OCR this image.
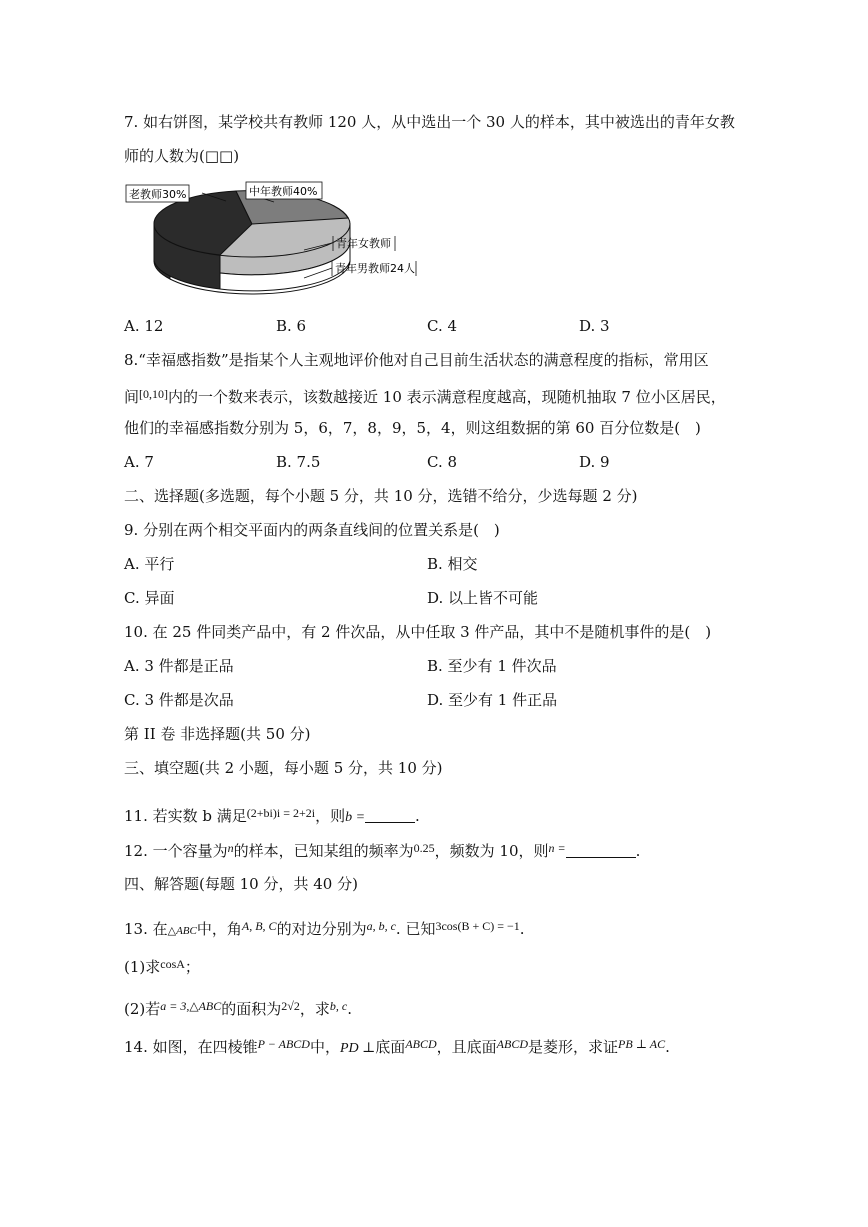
7. 如右饼图，某学校共有教师 120 人，从中选出一个 30 人的样本，其中被选出的青年女教
师的人数为(□□)
老教师30%	中年教师40%
青年女教师
青年男教师24人
A. 12	B. 6	C. 4	D. 3
8.“幸福感指数”是指某个人主观地评价他对自己目前生活状态的满意程度的指标，常用区
间[0,10]内的一个数来表示，该数越接近 10 表示满意程度越高，现随机抽取 7 位小区居民，
他们的幸福感指数分别为 5，6，7，8，9，5，4，则这组数据的第 60 百分位数是(　)
A. 7	B. 7.5	C. 8	D. 9
二、选择题(多选题，每个小题 5 分，共 10 分，选错不给分，少选每题 2 分)
9. 分别在两个相交平面内的两条直线间的位置关系是(　)
A. 平行	B. 相交
C. 异面	D. 以上皆不可能
10. 在 25 件同类产品中，有 2 件次品，从中任取 3 件产品，其中不是随机事件的是(　)
A. 3 件都是正品	B. 至少有 1 件次品
C. 3 件都是次品	D. 至少有 1 件正品
第 II 卷 非选择题(共 50 分)
三、填空题(共 2 小题，每小题 5 分，共 10 分)
11. 若实数 b 满足$^{(2+bi)i = 2+2i}$，则b =	.
12. 一个容量为$^n$的样本，已知某组的频率为$^{0.25}$，频数为 10，则$^{n =}$	.
四、解答题(每题 10 分，共 40 分)
13. 在△ABC中，角$^{A, B, C}$的对边分别为$^{a, b, c}$. 已知$^{3cos(B + C) = -1}$.
(1)求$^{cosA}$；
(2)若$^{a = 3,\triangle ABC}$的面积为$^{2√2}$，求$^{b, c}$.
14. 如图，在四棱锥$^{P - ABCD}$中，PD ⊥底面$^{ABCD}$，且底面$^{ABCD}$是菱形，求证$^{PB \perp AC}$.
